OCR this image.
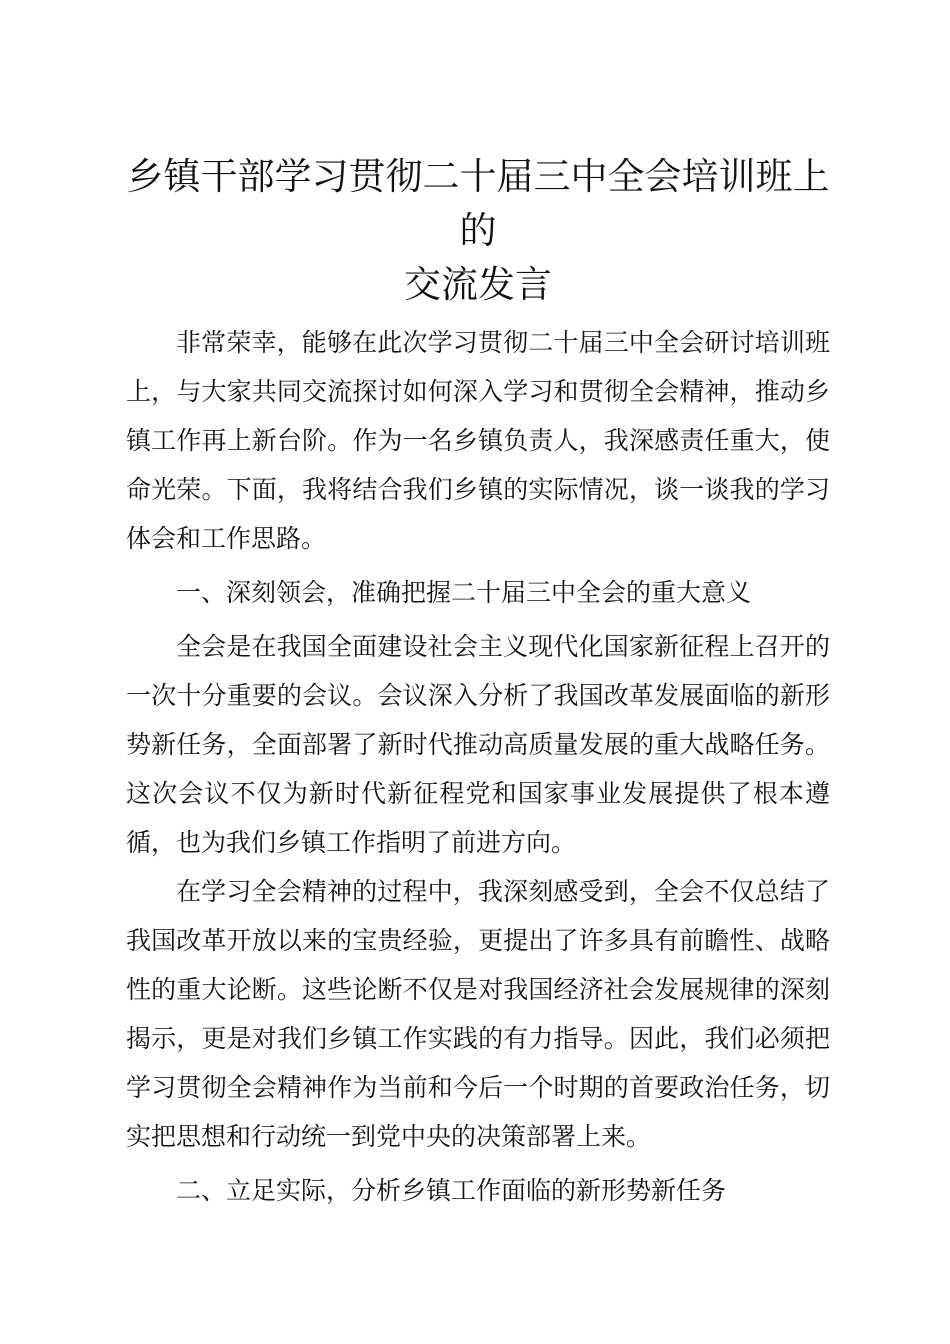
乡镇干部学习贯彻二十届三中全会培训班上的
交流发言

非常荣幸，能够在此次学习贯彻二十届三中全会研讨培训班上，与大家共同交流探讨如何深入学习和贯彻全会精神，推动乡镇工作再上新台阶。作为一名乡镇负责人，我深感责任重大，使命光荣。下面，我将结合我们乡镇的实际情况，谈一谈我的学习体会和工作思路。

一、深刻领会，准确把握二十届三中全会的重大意义

全会是在我国全面建设社会主义现代化国家新征程上召开的一次十分重要的会议。会议深入分析了我国改革发展面临的新形势新任务，全面部署了新时代推动高质量发展的重大战略任务。这次会议不仅为新时代新征程党和国家事业发展提供了根本遵循，也为我们乡镇工作指明了前进方向。

在学习全会精神的过程中，我深刻感受到，全会不仅总结了我国改革开放以来的宝贵经验，更提出了许多具有前瞻性、战略性的重大论断。这些论断不仅是对我国经济社会发展规律的深刻揭示，更是对我们乡镇工作实践的有力指导。因此，我们必须把学习贯彻全会精神作为当前和今后一个时期的首要政治任务，切实把思想和行动统一到党中央的决策部署上来。

二、立足实际，分析乡镇工作面临的新形势新任务
